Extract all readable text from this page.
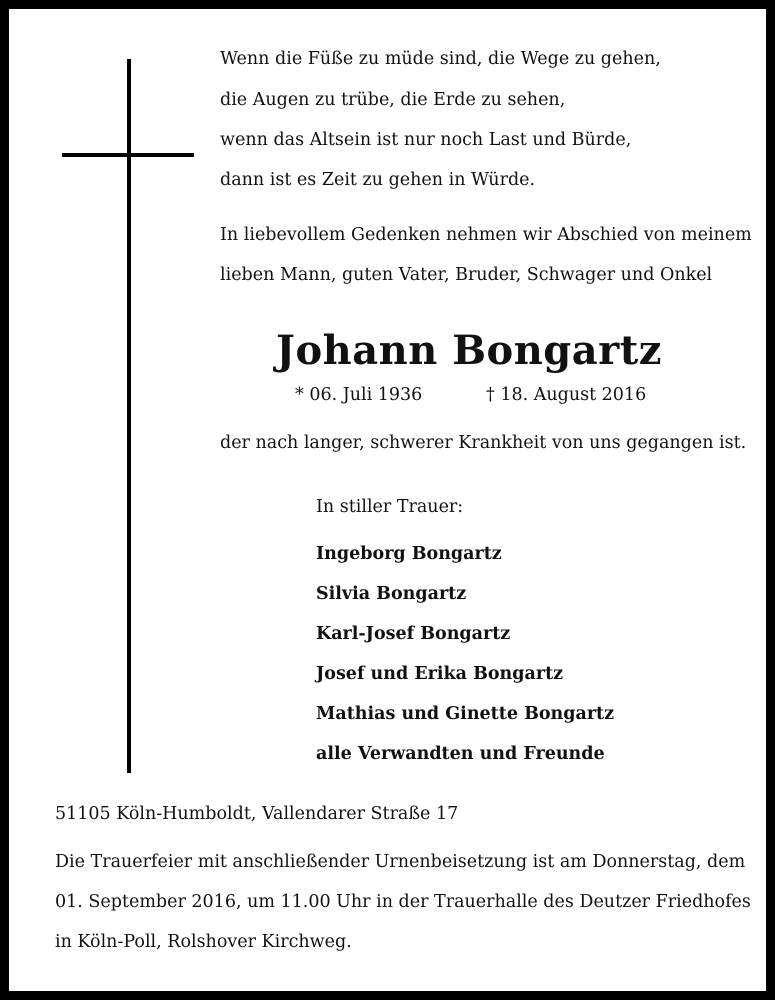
Wenn die Füße zu müde sind, die Wege zu gehen,
die Augen zu trübe, die Erde zu sehen,
wenn das Altsein ist nur noch Last und Bürde,
dann ist es Zeit zu gehen in Würde.
In liebevollem Gedenken nehmen wir Abschied von meinem
lieben Mann, guten Vater, Bruder, Schwager und Onkel
Johann Bongartz
* 06. Juli 1936	† 18. August 2016
der nach langer, schwerer Krankheit von uns gegangen ist.
In stiller Trauer:
Ingeborg Bongartz
Silvia Bongartz
Karl-Josef Bongartz
Josef und Erika Bongartz
Mathias und Ginette Bongartz
alle Verwandten und Freunde
51105 Köln-Humboldt, Vallendarer Straße 17
Die Trauerfeier mit anschließender Urnenbeisetzung ist am Donnerstag, dem
01. September 2016, um 11.00 Uhr in der Trauerhalle des Deutzer Friedhofes
in Köln-Poll, Rolshover Kirchweg.
